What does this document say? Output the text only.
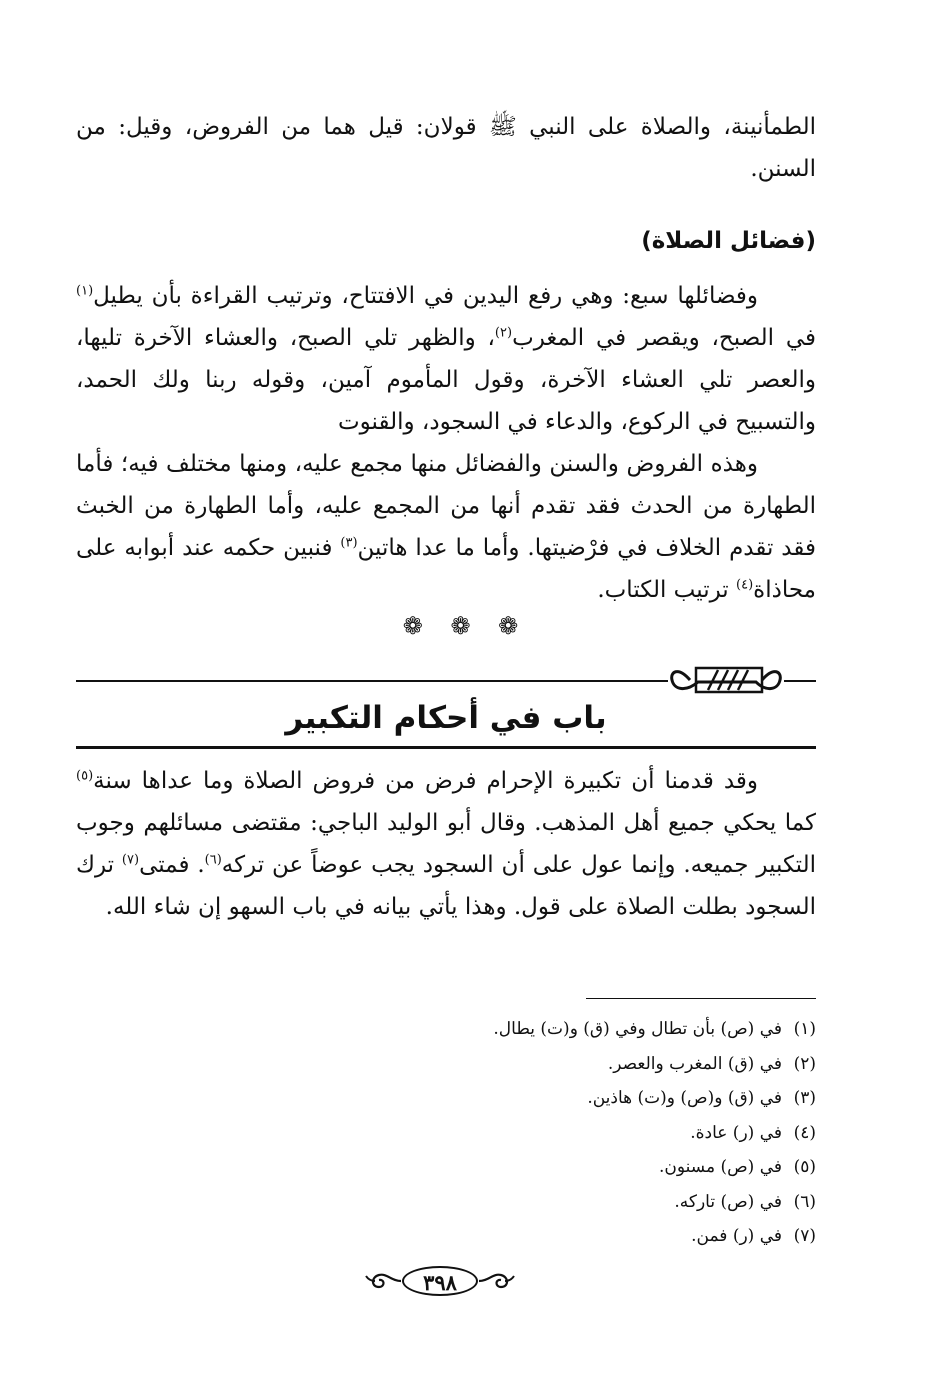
الطمأنينة، والصلاة على النبي ﷺ قولان: قيل هما من الفروض، وقيل: من السنن.

(فضائل الصلاة)

وفضائلها سبع: وهي رفع اليدين في الافتتاح، وترتيب القراءة بأن يطيل$^{(١)}$ في الصبح، ويقصر في المغرب$^{(٢)}$، والظهر تلي الصبح، والعشاء الآخرة تليها، والعصر تلي العشاء الآخرة، وقول المأموم آمين، وقوله ربنا ولك الحمد، والتسبيح في الركوع، والدعاء في السجود، والقنوت

وهذه الفروض والسنن والفضائل منها مجمع عليه، ومنها مختلف فيه؛ فأما الطهارة من الحدث فقد تقدم أنها من المجمع عليه، وأما الطهارة من الخبث فقد تقدم الخلاف في فرْضيتها. وأما ما عدا هاتين$^{(٣)}$ فنبين حكمه عند أبوابه على محاذاة$^{(٤)}$ ترتيب الكتاب.

❁ ❁ ❁
باب في أحكام التكبير

وقد قدمنا أن تكبيرة الإحرام فرض من فروض الصلاة وما عداها سنة$^{(٥)}$ كما يحكي جميع أهل المذهب. وقال أبو الوليد الباجي: مقتضى مسائلهم وجوب التكبير جميعه. وإنما عول على أن السجود يجب عوضاً عن تركه$^{(٦)}$. فمتى$^{(٧)}$ ترك السجود بطلت الصلاة على قول. وهذا يأتي بيانه في باب السهو إن شاء الله.

(١)في (ص) بأن تطال وفي (ق) و(ت) يطال.
(٢)في (ق) المغرب والعصر.
(٣)في (ق) و(ص) و(ت) هاذين.
(٤)في (ر) عادة.
(٥)في (ص) مسنون.
(٦)في (ص) تاركه.
(٧)في (ر) فمن.
٣٩٨
